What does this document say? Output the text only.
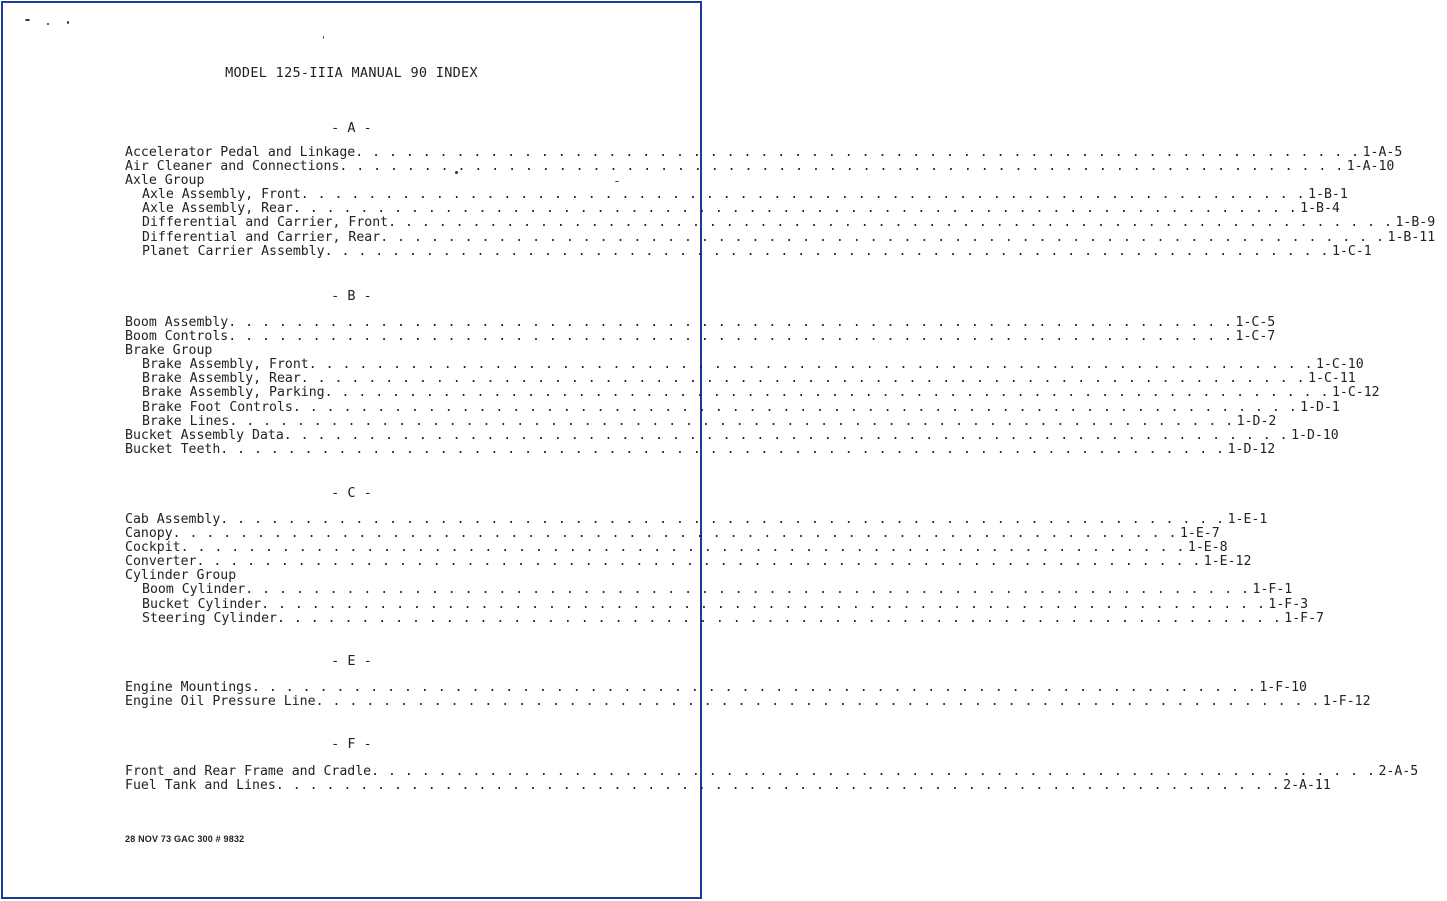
MODEL 125-IIIA MANUAL 90 INDEX
- A -
Accelerator Pedal and Linkage . . . . . . . . . . . . . . . . . . . . . . . . . . . . . . . . . . . . . . . . . . . . . . . . . . . . . . . . . . . . 1-A-5
Air Cleaner and Connections . . . . . . . . . . . . . . . . . . . . . . . . . . . . . . . . . . . . . . . . . . . . . . . . . . . . . . . . . . . . 1-A-10
Axle Group
Axle Assembly, Front . . . . . . . . . . . . . . . . . . . . . . . . . . . . . . . . . . . . . . . . . . . . . . . . . . . . . . . . . . . . 1-B-1
Axle Assembly, Rear . . . . . . . . . . . . . . . . . . . . . . . . . . . . . . . . . . . . . . . . . . . . . . . . . . . . . . . . . . . . 1-B-4
Differential and Carrier, Front . . . . . . . . . . . . . . . . . . . . . . . . . . . . . . . . . . . . . . . . . . . . . . . . . . . . . . . . . . . . 1-B-9
Differential and Carrier, Rear . . . . . . . . . . . . . . . . . . . . . . . . . . . . . . . . . . . . . . . . . . . . . . . . . . . . . . . . . . . . 1-B-11
Planet Carrier Assembly . . . . . . . . . . . . . . . . . . . . . . . . . . . . . . . . . . . . . . . . . . . . . . . . . . . . . . . . . . . . 1-C-1
- B -
Boom Assembly . . . . . . . . . . . . . . . . . . . . . . . . . . . . . . . . . . . . . . . . . . . . . . . . . . . . . . . . . . . . 1-C-5
Boom Controls . . . . . . . . . . . . . . . . . . . . . . . . . . . . . . . . . . . . . . . . . . . . . . . . . . . . . . . . . . . . 1-C-7
Brake Group
Brake Assembly, Front . . . . . . . . . . . . . . . . . . . . . . . . . . . . . . . . . . . . . . . . . . . . . . . . . . . . . . . . . . . . 1-C-10
Brake Assembly, Rear . . . . . . . . . . . . . . . . . . . . . . . . . . . . . . . . . . . . . . . . . . . . . . . . . . . . . . . . . . . . 1-C-11
Brake Assembly, Parking . . . . . . . . . . . . . . . . . . . . . . . . . . . . . . . . . . . . . . . . . . . . . . . . . . . . . . . . . . . . 1-C-12
Brake Foot Controls . . . . . . . . . . . . . . . . . . . . . . . . . . . . . . . . . . . . . . . . . . . . . . . . . . . . . . . . . . . . 1-D-1
Brake Lines . . . . . . . . . . . . . . . . . . . . . . . . . . . . . . . . . . . . . . . . . . . . . . . . . . . . . . . . . . . . 1-D-2
Bucket Assembly Data . . . . . . . . . . . . . . . . . . . . . . . . . . . . . . . . . . . . . . . . . . . . . . . . . . . . . . . . . . . . 1-D-10
Bucket Teeth . . . . . . . . . . . . . . . . . . . . . . . . . . . . . . . . . . . . . . . . . . . . . . . . . . . . . . . . . . . . 1-D-12
- C -
Cab Assembly . . . . . . . . . . . . . . . . . . . . . . . . . . . . . . . . . . . . . . . . . . . . . . . . . . . . . . . . . . . . 1-E-1
Canopy . . . . . . . . . . . . . . . . . . . . . . . . . . . . . . . . . . . . . . . . . . . . . . . . . . . . . . . . . . . . 1-E-7
Cockpit . . . . . . . . . . . . . . . . . . . . . . . . . . . . . . . . . . . . . . . . . . . . . . . . . . . . . . . . . . . . 1-E-8
Converter . . . . . . . . . . . . . . . . . . . . . . . . . . . . . . . . . . . . . . . . . . . . . . . . . . . . . . . . . . . . 1-E-12
Cylinder Group
Boom Cylinder . . . . . . . . . . . . . . . . . . . . . . . . . . . . . . . . . . . . . . . . . . . . . . . . . . . . . . . . . . . . 1-F-1
Bucket Cylinder . . . . . . . . . . . . . . . . . . . . . . . . . . . . . . . . . . . . . . . . . . . . . . . . . . . . . . . . . . . . 1-F-3
Steering Cylinder . . . . . . . . . . . . . . . . . . . . . . . . . . . . . . . . . . . . . . . . . . . . . . . . . . . . . . . . . . . . 1-F-7
- E -
Engine Mountings . . . . . . . . . . . . . . . . . . . . . . . . . . . . . . . . . . . . . . . . . . . . . . . . . . . . . . . . . . . . 1-F-10
Engine Oil Pressure Line . . . . . . . . . . . . . . . . . . . . . . . . . . . . . . . . . . . . . . . . . . . . . . . . . . . . . . . . . . . . 1-F-12
- F -
Front and Rear Frame and Cradle . . . . . . . . . . . . . . . . . . . . . . . . . . . . . . . . . . . . . . . . . . . . . . . . . . . . . . . . . . . . 2-A-5
Fuel Tank and Lines . . . . . . . . . . . . . . . . . . . . . . . . . . . . . . . . . . . . . . . . . . . . . . . . . . . . . . . . . . . . 2-A-11
28 NOV 73 GAC 300 # 9832
